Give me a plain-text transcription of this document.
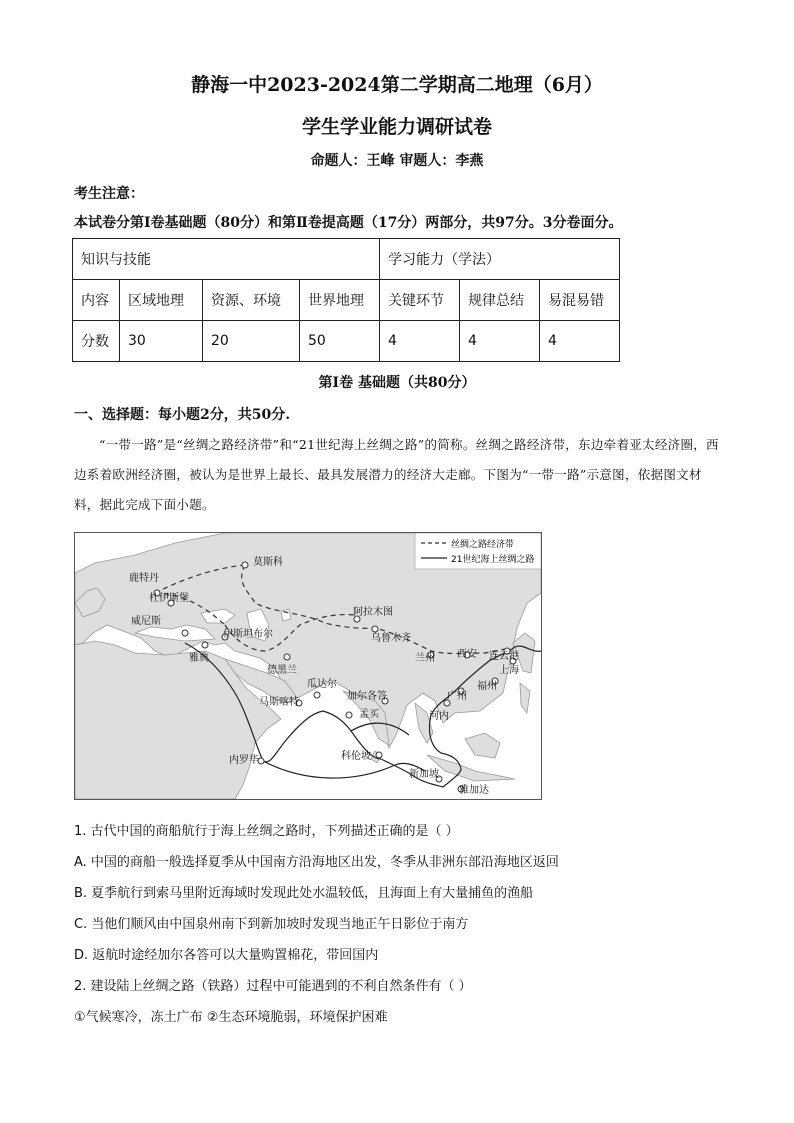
静海一中2023-2024第二学期高二地理（6月）
学生学业能力调研试卷
命题人：王峰 审题人：李燕
考生注意：
本试卷分第Ⅰ卷基础题（80分）和第Ⅱ卷提高题（17分）两部分，共97分。3分卷面分。
知识与技能				学习能力（学法）		
内容	区域地理	资源、环境	世界地理	关键环节	规律总结	易混易错
分数	30	20	50	4	4	4
第Ⅰ卷 基础题（共80分）
一、选择题：每小题2分，共50分.
“一带一路”是“丝绸之路经济带”和“21世纪海上丝绸之路”的简称。丝绸之路经济带，东边牵着亚太经济圈，西边系着欧洲经济圈，被认为是世界上最长、最具发展潜力的经济大走廊。下图为“一带一路”示意图，依据图文材料，据此完成下面小题。
丝绸之路经济带
21世纪海上丝绸之路
莫斯科
鹿特丹
杜伊斯堡
威尼斯
伊斯坦布尔
雅典
德黑兰
阿拉木图
乌鲁木齐
兰州 西安 连云港
上海
福州
广州
河内
瓜达尔
加尔各答
孟买
科伦坡
新加坡
雅加达
马斯喀特
内罗毕
1. 古代中国的商船航行于海上丝绸之路时，下列描述正确的是（ ）
A. 中国的商船一般选择夏季从中国南方沿海地区出发，冬季从非洲东部沿海地区返回
B. 夏季航行到索马里附近海域时发现此处水温较低，且海面上有大量捕鱼的渔船
C. 当他们顺风由中国泉州南下到新加坡时发现当地正午日影位于南方
D. 返航时途经加尔各答可以大量购置棉花，带回国内
2. 建设陆上丝绸之路（铁路）过程中可能遇到的不利自然条件有（ ）
①气候寒冷，冻土广布 ②生态环境脆弱，环境保护困难
